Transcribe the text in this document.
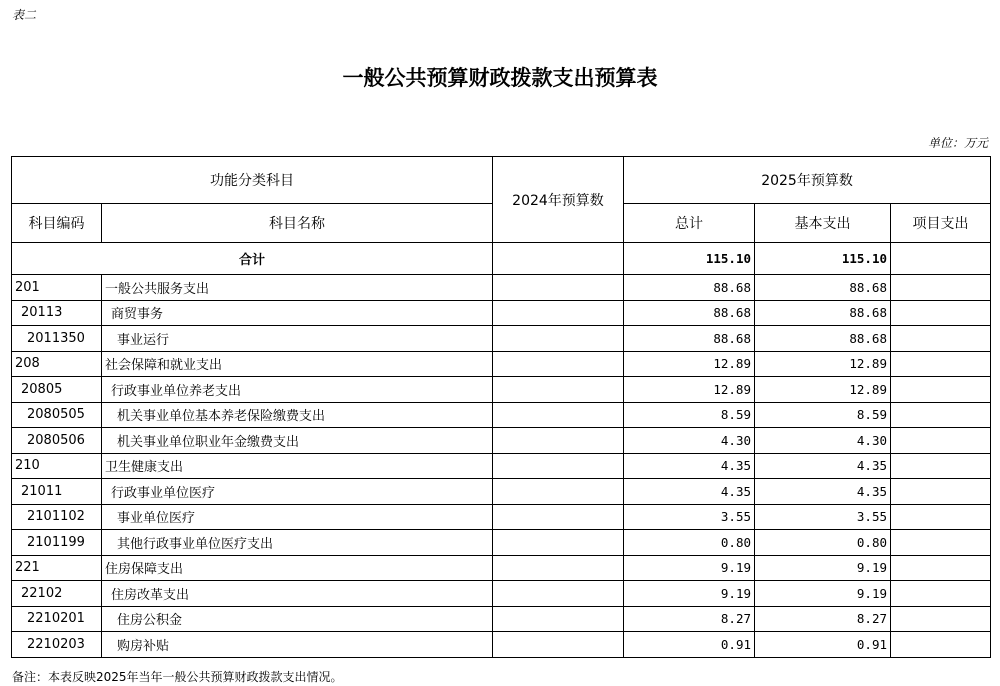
表二
一般公共预算财政拨款支出预算表
单位：万元
功能分类科目		2024年预算数	2025年预算数		
科目编码	科目名称		总计	基本支出	项目支出
合计			115.10	115.10	
201	一般公共服务支出		88.68	88.68	
20113	商贸事务		88.68	88.68	
2011350	事业运行		88.68	88.68	
208	社会保障和就业支出		12.89	12.89	
20805	行政事业单位养老支出		12.89	12.89	
2080505	机关事业单位基本养老保险缴费支出		8.59	8.59	
2080506	机关事业单位职业年金缴费支出		4.30	4.30	
210	卫生健康支出		4.35	4.35	
21011	行政事业单位医疗		4.35	4.35	
2101102	事业单位医疗		3.55	3.55	
2101199	其他行政事业单位医疗支出		0.80	0.80	
221	住房保障支出		9.19	9.19	
22102	住房改革支出		9.19	9.19	
2210201	住房公积金		8.27	8.27	
2210203	购房补贴		0.91	0.91	
备注：本表反映2025年当年一般公共预算财政拨款支出情况。
